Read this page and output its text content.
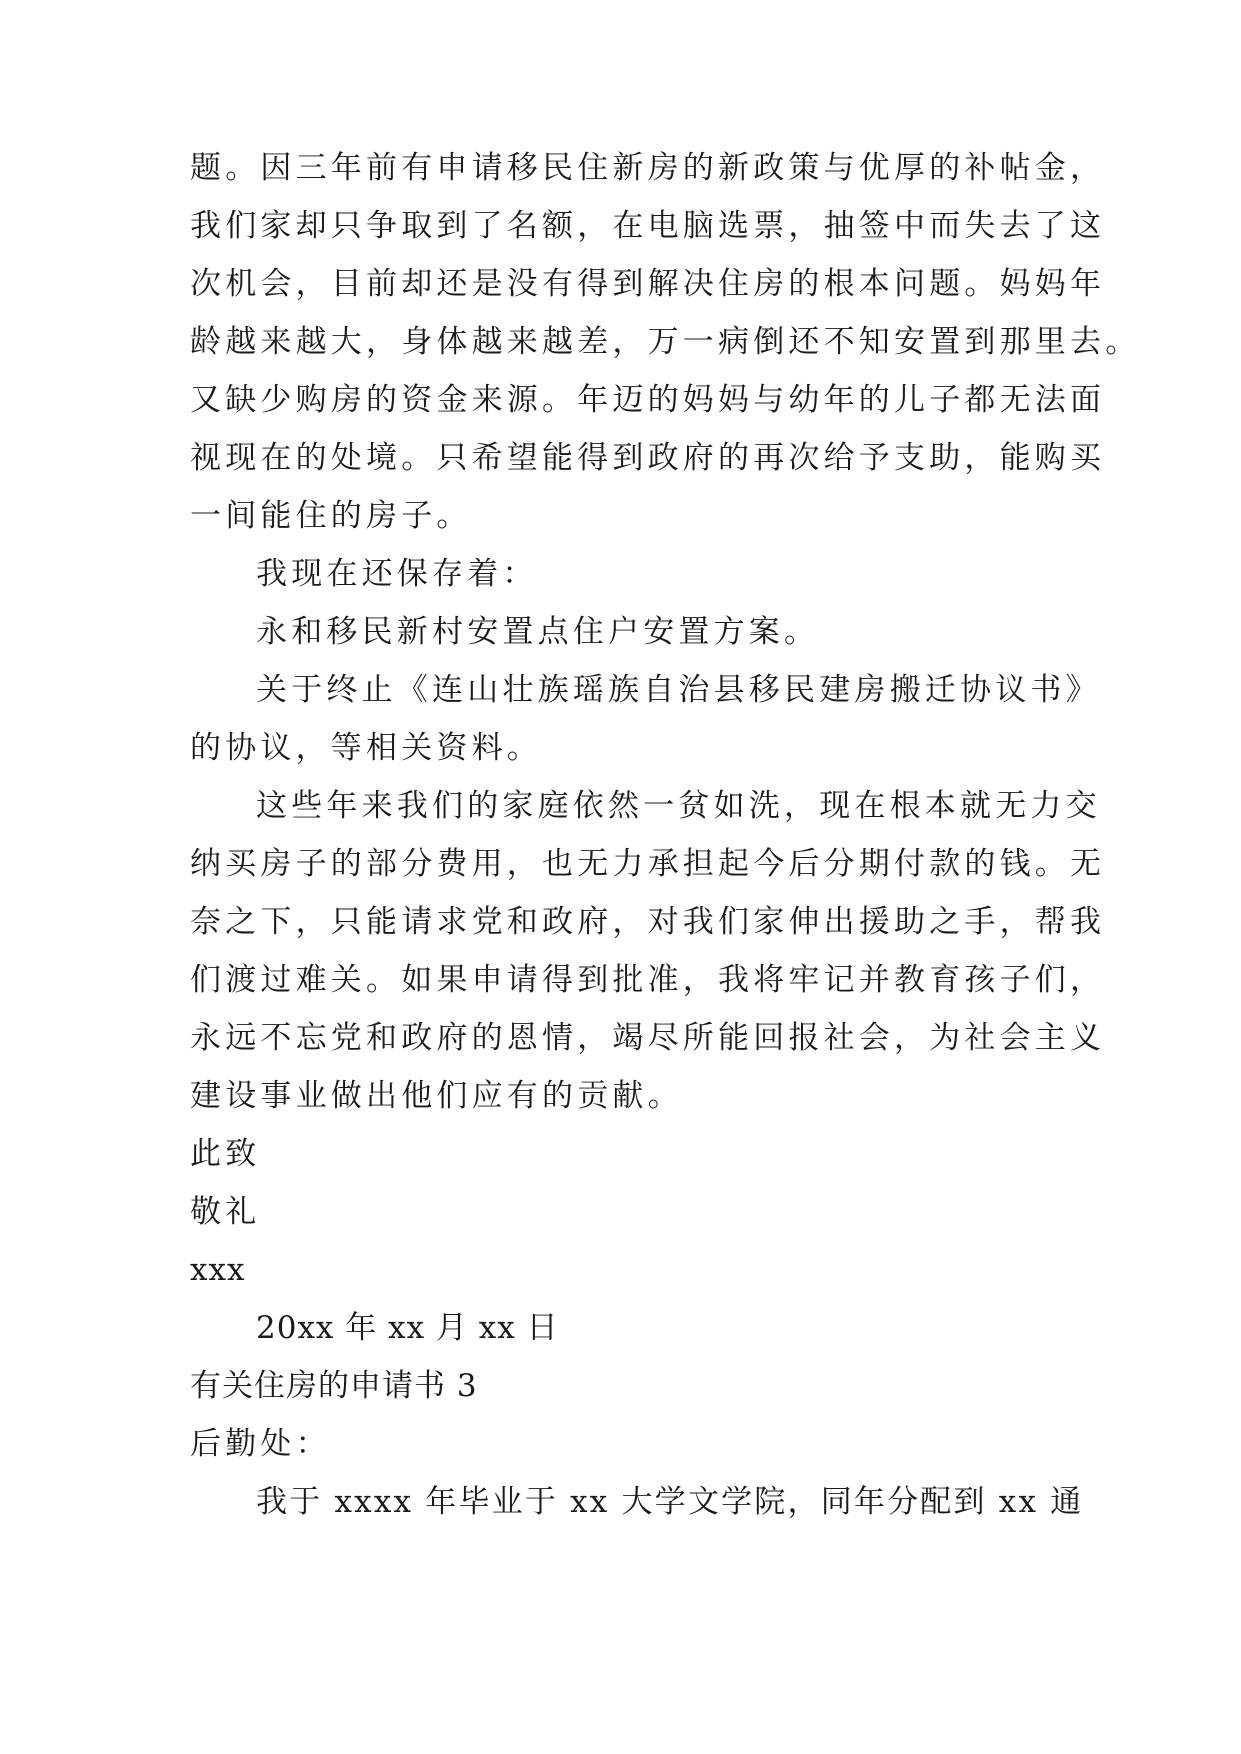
题。因三年前有申请移民住新房的新政策与优厚的补帖金，
我们家却只争取到了名额，在电脑选票，抽签中而失去了这
次机会，目前却还是没有得到解决住房的根本问题。妈妈年
龄越来越大，身体越来越差，万一病倒还不知安置到那里去。
又缺少购房的资金来源。年迈的妈妈与幼年的儿子都无法面
视现在的处境。只希望能得到政府的再次给予支助，能购买
一间能住的房子。
我现在还保存着：
永和移民新村安置点住户安置方案。
关于终止《连山壮族瑶族自治县移民建房搬迁协议书》
的协议，等相关资料。
这些年来我们的家庭依然一贫如洗，现在根本就无力交
纳买房子的部分费用，也无力承担起今后分期付款的钱。无
奈之下，只能请求党和政府，对我们家伸出援助之手，帮我
们渡过难关。如果申请得到批准，我将牢记并教育孩子们，
永远不忘党和政府的恩情，竭尽所能回报社会，为社会主义
建设事业做出他们应有的贡献。
此致
敬礼
xxx
20xx 年 xx 月 xx 日
有关住房的申请书 3
后勤处：
我于 xxxx 年毕业于 xx 大学文学院，同年分配到 xx 通
